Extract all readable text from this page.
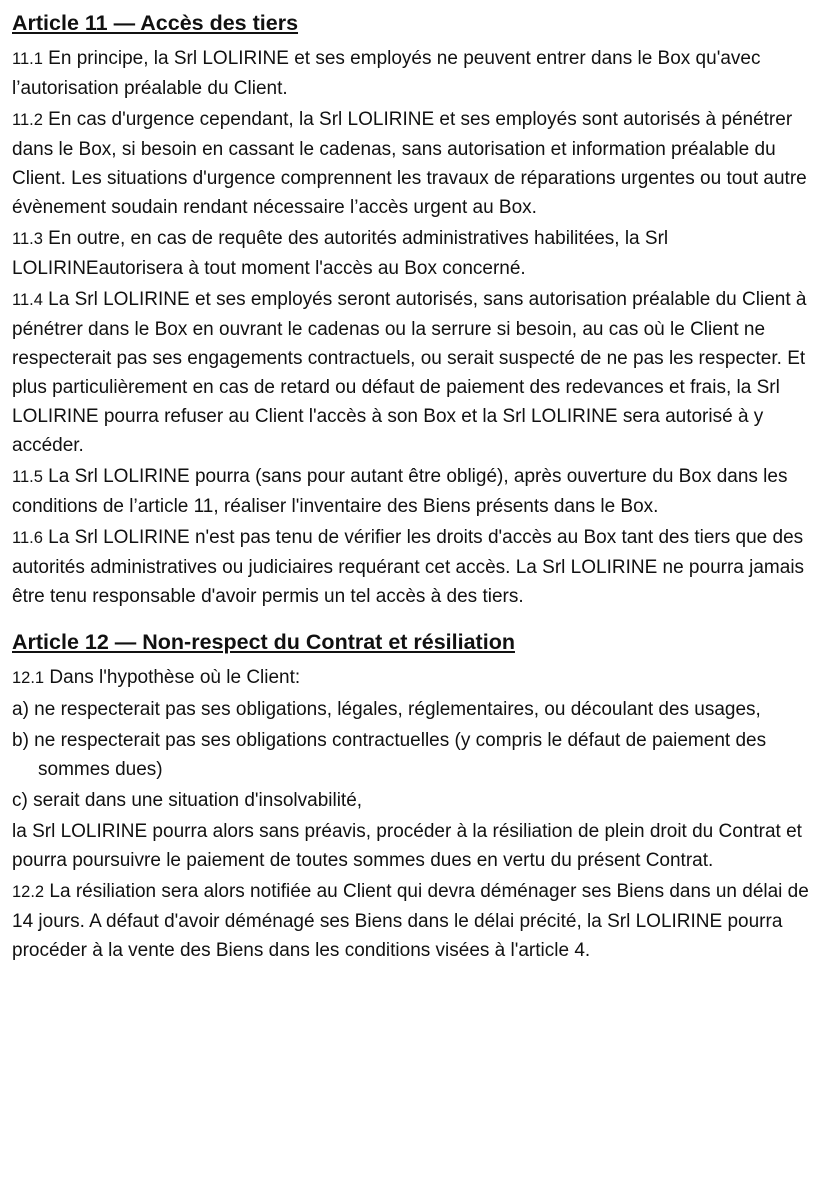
Article 11 — Accès des tiers

11.1 En principe, la Srl LOLIRINE et ses employés ne peuvent entrer dans le Box qu'avec l’autorisation préalable du Client.

11.2 En cas d'urgence cependant, la Srl LOLIRINE et ses employés sont autorisés à pénétrer dans le Box, si besoin en cassant le cadenas, sans autorisation et information préalable du Client. Les situations d'urgence comprennent les travaux de réparations urgentes ou tout autre évènement soudain rendant nécessaire l’accès urgent au Box.

11.3 En outre, en cas de requête des autorités administratives habilitées, la Srl LOLIRINEautorisera à tout moment l'accès au Box concerné.

11.4 La Srl LOLIRINE et ses employés seront autorisés, sans autorisation préalable du Client à pénétrer dans le Box en ouvrant le cadenas ou la serrure si besoin, au cas où le Client ne respecterait pas ses engagements contractuels, ou serait suspecté de ne pas les respecter. Et plus particulièrement en cas de retard ou défaut de paiement des redevances et frais, la Srl LOLIRINE pourra refuser au Client l'accès à son Box et la Srl LOLIRINE sera autorisé à y accéder.

11.5 La Srl LOLIRINE pourra (sans pour autant être obligé), après ouverture du Box dans les conditions de l’article 11, réaliser l'inventaire des Biens présents dans le Box.

11.6 La Srl LOLIRINE n'est pas tenu de vérifier les droits d'accès au Box tant des tiers que des autorités administratives ou judiciaires requérant cet accès. La Srl LOLIRINE ne pourra jamais être tenu responsable d'avoir permis un tel accès à des tiers.

Article 12 — Non-respect du Contrat et résiliation

12.1 Dans l'hypothèse où le Client:

a) ne respecterait pas ses obligations, légales, réglementaires, ou découlant des usages,
b) ne respecterait pas ses obligations contractuelles (y compris le défaut de paiement des sommes dues)
c) serait dans une situation d'insolvabilité,

la Srl LOLIRINE pourra alors sans préavis, procéder à la résiliation de plein droit du Contrat et pourra poursuivre le paiement de toutes sommes dues en vertu du présent Contrat.

12.2 La résiliation sera alors notifiée au Client qui devra déménager ses Biens dans un délai de 14 jours. A défaut d'avoir déménagé ses Biens dans le délai précité, la Srl LOLIRINE pourra procéder à la vente des Biens dans les conditions visées à l'article 4.
